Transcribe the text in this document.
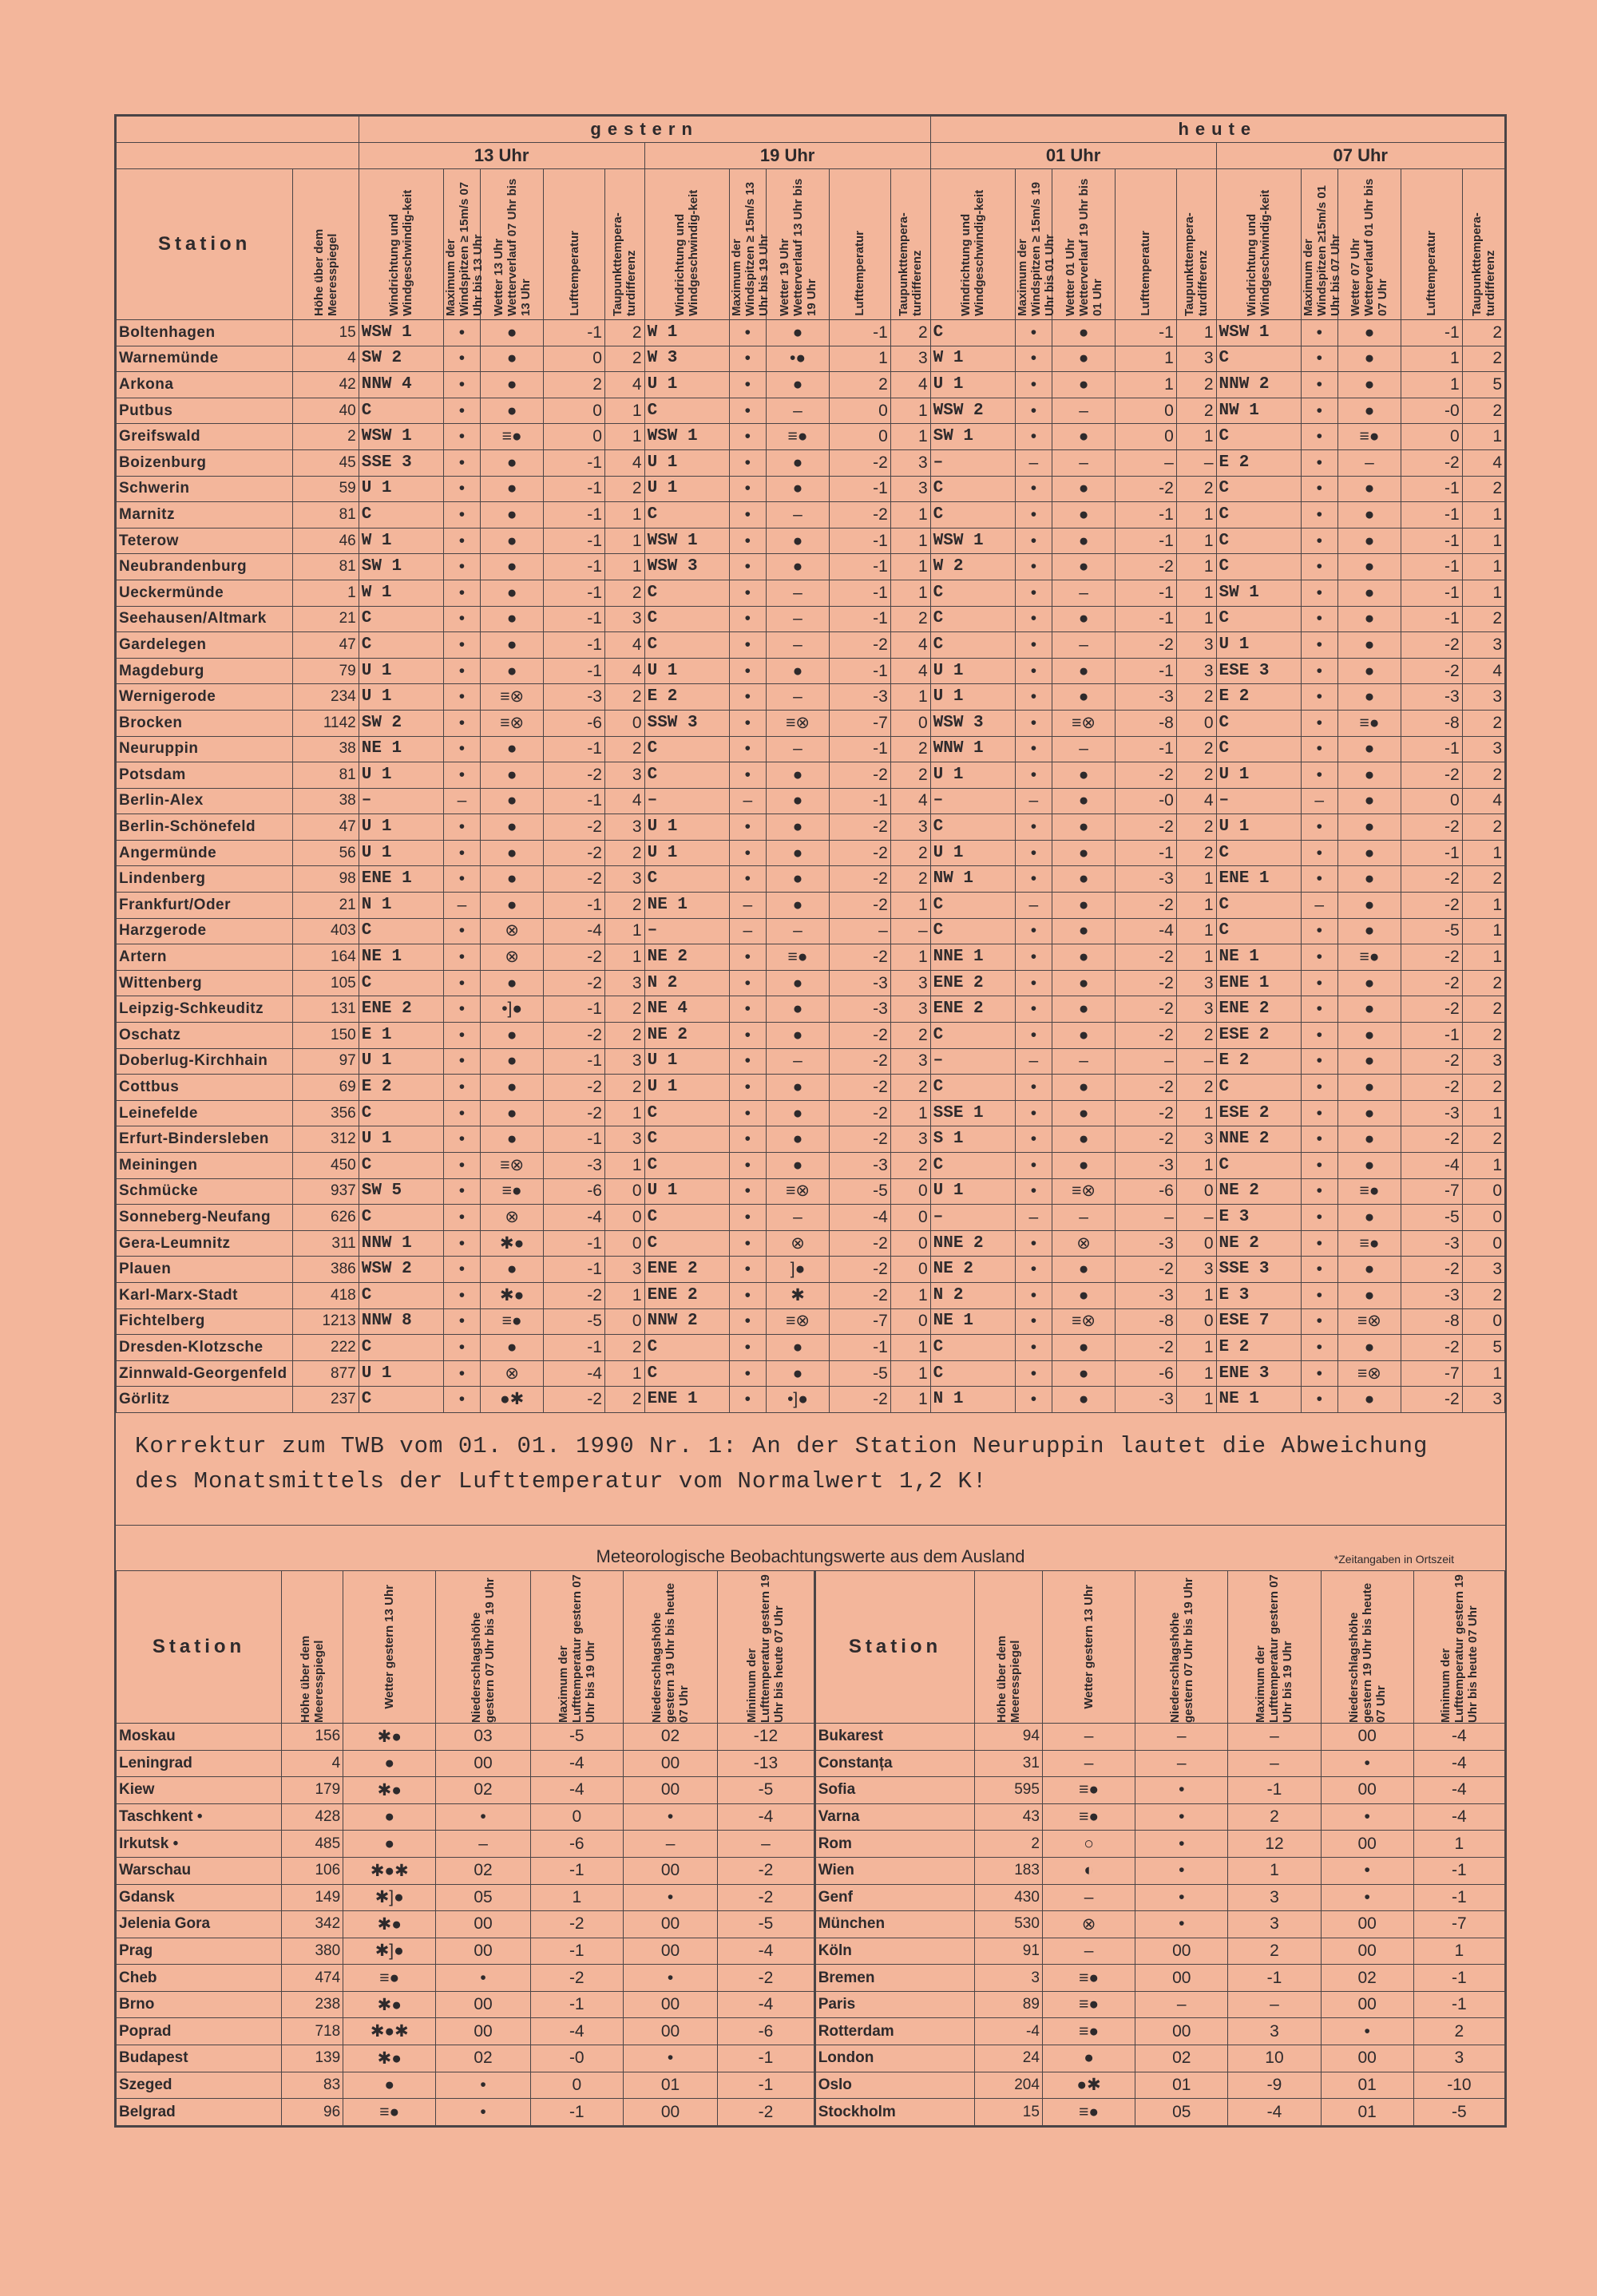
		gestern										heute									
		13 Uhr					19 Uhr					01 Uhr					07 Uhr				
Station	Höhe über dem Meeresspiegel	Windrichtung und Windgeschwindig-keit	Maximum der Windspitzen ≥ 15m/s 07 Uhr bis 13 Uhr	Wetter 13 Uhr Wetterverlauf 07 Uhr bis 13 Uhr	Lufttemperatur	Taupunkttempera-turdifferenz	Windrichtung und Windgeschwindig-keit	Maximum der Windspitzen ≥ 15m/s 13 Uhr bis 19 Uhr	Wetter 19 Uhr Wetterverlauf 13 Uhr bis 19 Uhr	Lufttemperatur	Taupunkttempera-turdifferenz	Windrichtung und Windgeschwindig-keit	Maximum der Windspitzen ≥ 15m/s 19 Uhr bis 01 Uhr	Wetter 01 Uhr Wetterverlauf 19 Uhr bis 01 Uhr	Lufttemperatur	Taupunkttempera-turdifferenz	Windrichtung und Windgeschwindig-keit	Maximum der Windspitzen ≥15m/s 01 Uhr bis 07 Uhr	Wetter 07 Uhr Wetterverlauf 01 Uhr bis 07 Uhr	Lufttemperatur	Taupunkttempera-turdifferenz

Boltenhagen	15	WSW 1	•	●	-1	2	W 1	•	●	-1	2	C	•	●	-1	1	WSW 1	•	●	-1	2
Warnemünde	4	SW 2	•	●	0	2	W 3	•	•●	1	3	W 1	•	●	1	3	C	•	●	1	2
Arkona	42	NNW 4	•	●	2	4	U 1	•	●	2	4	U 1	•	●	1	2	NNW 2	•	●	1	5
Putbus	40	C	•	●	0	1	C	•	–	0	1	WSW 2	•	–	0	2	NW 1	•	●	-0	2
Greifswald	2	WSW 1	•	≡●	0	1	WSW 1	•	≡●	0	1	SW 1	•	●	0	1	C	•	≡●	0	1
Boizenburg	45	SSE 3	•	●	-1	4	U 1	•	●	-2	3	–	–	–	–	–	E 2	•	–	-2	4
Schwerin	59	U 1	•	●	-1	2	U 1	•	●	-1	3	C	•	●	-2	2	C	•	●	-1	2
Marnitz	81	C	•	●	-1	1	C	•	–	-2	1	C	•	●	-1	1	C	•	●	-1	1
Teterow	46	W 1	•	●	-1	1	WSW 1	•	●	-1	1	WSW 1	•	●	-1	1	C	•	●	-1	1
Neubrandenburg	81	SW 1	•	●	-1	1	WSW 3	•	●	-1	1	W 2	•	●	-2	1	C	•	●	-1	1
Ueckermünde	1	W 1	•	●	-1	2	C	•	–	-1	1	C	•	–	-1	1	SW 1	•	●	-1	1
Seehausen/Altmark	21	C	•	●	-1	3	C	•	–	-1	2	C	•	●	-1	1	C	•	●	-1	2
Gardelegen	47	C	•	●	-1	4	C	•	–	-2	4	C	•	–	-2	3	U 1	•	●	-2	3
Magdeburg	79	U 1	•	●	-1	4	U 1	•	●	-1	4	U 1	•	●	-1	3	ESE 3	•	●	-2	4
Wernigerode	234	U 1	•	≡⊗	-3	2	E 2	•	–	-3	1	U 1	•	●	-3	2	E 2	•	●	-3	3
Brocken	1142	SW 2	•	≡⊗	-6	0	SSW 3	•	≡⊗	-7	0	WSW 3	•	≡⊗	-8	0	C	•	≡●	-8	2
Neuruppin	38	NE 1	•	●	-1	2	C	•	–	-1	2	WNW 1	•	–	-1	2	C	•	●	-1	3
Potsdam	81	U 1	•	●	-2	3	C	•	●	-2	2	U 1	•	●	-2	2	U 1	•	●	-2	2
Berlin-Alex	38	–	–	●	-1	4	–	–	●	-1	4	–	–	●	-0	4	–	–	●	0	4
Berlin-Schönefeld	47	U 1	•	●	-2	3	U 1	•	●	-2	3	C	•	●	-2	2	U 1	•	●	-2	2
Angermünde	56	U 1	•	●	-2	2	U 1	•	●	-2	2	U 1	•	●	-1	2	C	•	●	-1	1
Lindenberg	98	ENE 1	•	●	-2	3	C	•	●	-2	2	NW 1	•	●	-3	1	ENE 1	•	●	-2	2
Frankfurt/Oder	21	N 1	–	●	-1	2	NE 1	–	●	-2	1	C	–	●	-2	1	C	–	●	-2	1
Harzgerode	403	C	•	⊗	-4	1	–	–	–	–	–	C	•	●	-4	1	C	•	●	-5	1
Artern	164	NE 1	•	⊗	-2	1	NE 2	•	≡●	-2	1	NNE 1	•	●	-2	1	NE 1	•	≡●	-2	1
Wittenberg	105	C	•	●	-2	3	N 2	•	●	-3	3	ENE 2	•	●	-2	3	ENE 1	•	●	-2	2
Leipzig-Schkeuditz	131	ENE 2	•	•]●	-1	2	NE 4	•	●	-3	3	ENE 2	•	●	-2	3	ENE 2	•	●	-2	2
Oschatz	150	E 1	•	●	-2	2	NE 2	•	●	-2	2	C	•	●	-2	2	ESE 2	•	●	-1	2
Doberlug-Kirchhain	97	U 1	•	●	-1	3	U 1	•	–	-2	3	–	–	–	–	–	E 2	•	●	-2	3
Cottbus	69	E 2	•	●	-2	2	U 1	•	●	-2	2	C	•	●	-2	2	C	•	●	-2	2
Leinefelde	356	C	•	●	-2	1	C	•	●	-2	1	SSE 1	•	●	-2	1	ESE 2	•	●	-3	1
Erfurt-Bindersleben	312	U 1	•	●	-1	3	C	•	●	-2	3	S 1	•	●	-2	3	NNE 2	•	●	-2	2
Meiningen	450	C	•	≡⊗	-3	1	C	•	●	-3	2	C	•	●	-3	1	C	•	●	-4	1
Schmücke	937	SW 5	•	≡●	-6	0	U 1	•	≡⊗	-5	0	U 1	•	≡⊗	-6	0	NE 2	•	≡●	-7	0
Sonneberg-Neufang	626	C	•	⊗	-4	0	C	•	–	-4	0	–	–	–	–	–	E 3	•	●	-5	0
Gera-Leumnitz	311	NNW 1	•	✱●	-1	0	C	•	⊗	-2	0	NNE 2	•	⊗	-3	0	NE 2	•	≡●	-3	0
Plauen	386	WSW 2	•	●	-1	3	ENE 2	•	]●	-2	0	NE 2	•	●	-2	3	SSE 3	•	●	-2	3
Karl-Marx-Stadt	418	C	•	✱●	-2	1	ENE 2	•	✱	-2	1	N 2	•	●	-3	1	E 3	•	●	-3	2
Fichtelberg	1213	NNW 8	•	≡●	-5	0	NNW 2	•	≡⊗	-7	0	NE 1	•	≡⊗	-8	0	ESE 7	•	≡⊗	-8	0
Dresden-Klotzsche	222	C	•	●	-1	2	C	•	●	-1	1	C	•	●	-2	1	E 2	•	●	-2	5
Zinnwald-Georgenfeld	877	U 1	•	⊗	-4	1	C	•	●	-5	1	C	•	●	-6	1	ENE 3	•	≡⊗	-7	1
Görlitz	237	C	•	●✱	-2	2	ENE 1	•	•]●	-2	1	N 1	•	●	-3	1	NE 1	•	●	-2	3
Korrektur zum TWB vom 01. 01. 1990 Nr. 1: An der Station Neuruppin lautet die Abweichung des Monatsmittels der Lufttemperatur vom Normalwert 1,2 K!
Meteorologische Beobachtungswerte aus dem Ausland	*Zeitangaben in Ortszeit
Station	Höhe über dem Meeresspiegel	Wetter gestern 13 Uhr	Niederschlagshöhe gestern 07 Uhr bis 19 Uhr	Maximum der Lufttemperatur gestern 07 Uhr bis 19 Uhr	Niederschlagshöhe gestern 19 Uhr bis heute 07 Uhr	Minimum der Lufttemperatur gestern 19 Uhr bis heute 07 Uhr	Station	Höhe über dem Meeresspiegel	Wetter gestern 13 Uhr	Niederschlagshöhe gestern 07 Uhr bis 19 Uhr	Maximum der Lufttemperatur gestern 07 Uhr bis 19 Uhr	Niederschlagshöhe gestern 19 Uhr bis heute 07 Uhr	Minimum der Lufttemperatur gestern 19 Uhr bis heute 07 Uhr

Moskau	156	✱●	03	-5	02	-12	Bukarest	94	–	–	–	00	-4
Leningrad	4	●	00	-4	00	-13	Constanța	31	–	–	–	•	-4
Kiew	179	✱●	02	-4	00	-5	Sofia	595	≡●	•	-1	00	-4
Taschkent •	428	●	•	0	•	-4	Varna	43	≡●	•	2	•	-4
Irkutsk •	485	●	–	-6	–	–	Rom	2	○	•	12	00	1
Warschau	106	✱●✱	02	-1	00	-2	Wien	183	◐	•	1	•	-1
Gdansk	149	✱]●	05	1	•	-2	Genf	430	–	•	3	•	-1
Jelenia Gora	342	✱●	00	-2	00	-5	München	530	⊗	•	3	00	-7
Prag	380	✱]●	00	-1	00	-4	Köln	91	–	00	2	00	1
Cheb	474	≡●	•	-2	•	-2	Bremen	3	≡●	00	-1	02	-1
Brno	238	✱●	00	-1	00	-4	Paris	89	≡●	–	–	00	-1
Poprad	718	✱●✱	00	-4	00	-6	Rotterdam	-4	≡●	00	3	•	2
Budapest	139	✱●	02	-0	•	-1	London	24	●	02	10	00	3
Szeged	83	●	•	0	01	-1	Oslo	204	●✱	01	-9	01	-10
Belgrad	96	≡●	•	-1	00	-2	Stockholm	15	≡●	05	-4	01	-5
